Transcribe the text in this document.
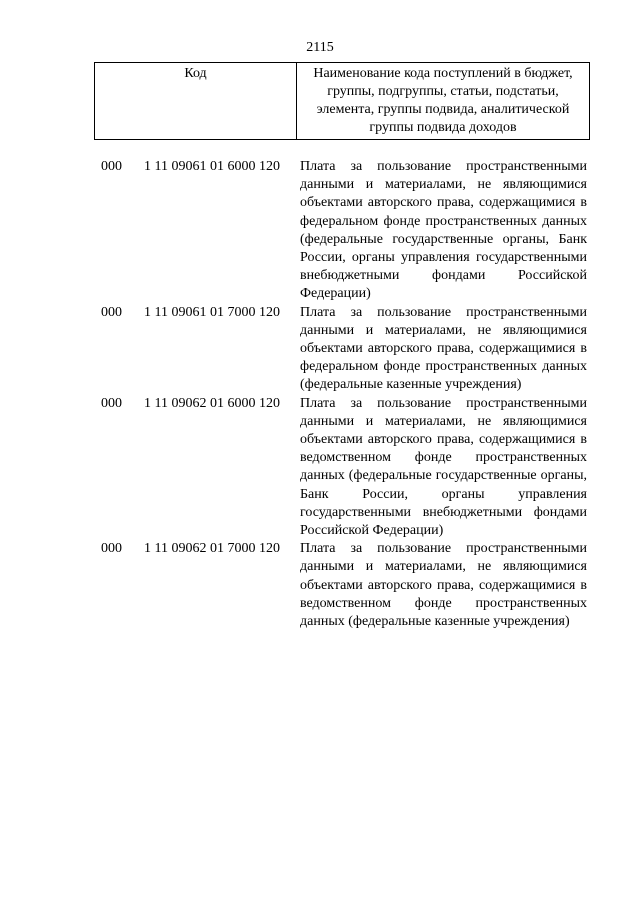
2115
Код	Наименование кода поступлений в бюджет, группы, подгруппы, статьи, подстатьи, элемента, группы подвида, аналитической группы подвида доходов
000 1 11 09061 01 6000 120 Плата за пользование пространственными данными и материалами, не являющимися объектами авторского права, содержащимися в федеральном фонде пространственных данных (федеральные государственные органы, Банк России, органы управления государственными внебюджетными фондами Российской Федерации)
000 1 11 09061 01 7000 120 Плата за пользование пространственными данными и материалами, не являющимися объектами авторского права, содержащимися в федеральном фонде пространственных данных (федеральные казенные учреждения)
000 1 11 09062 01 6000 120 Плата за пользование пространственными данными и материалами, не являющимися объектами авторского права, содержащимися в ведомственном фонде пространственных данных (федеральные государственные органы, Банк России, органы управления государственными внебюджетными фондами Российской Федерации)
000 1 11 09062 01 7000 120 Плата за пользование пространственными данными и материалами, не являющимися объектами авторского права, содержащимися в ведомственном фонде пространственных данных (федеральные казенные учреждения)
